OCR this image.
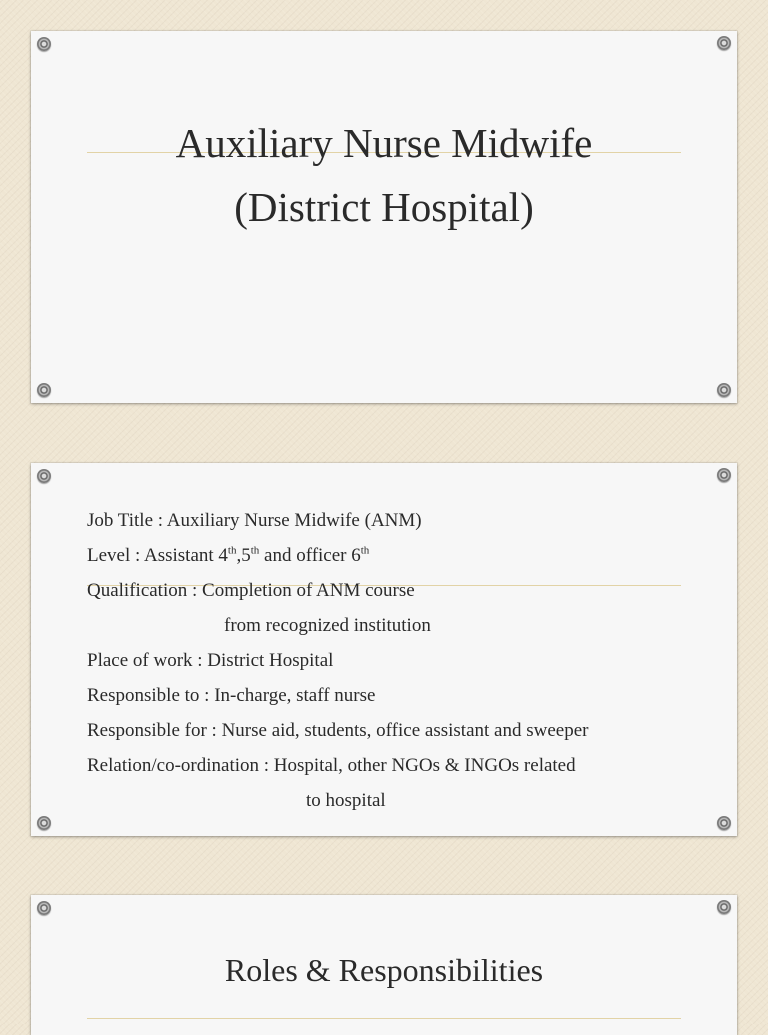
Auxiliary Nurse Midwife
(District Hospital)
Job Title : Auxiliary Nurse Midwife (ANM)
Level : Assistant 4th,5th and officer 6th
Qualification : Completion of ANM course
from recognized institution
Place of work : District Hospital
Responsible to : In-charge, staff nurse
Responsible for : Nurse aid, students, office assistant and sweeper
Relation/co-ordination : Hospital, other NGOs & INGOs related
to hospital
Roles & Responsibilities
